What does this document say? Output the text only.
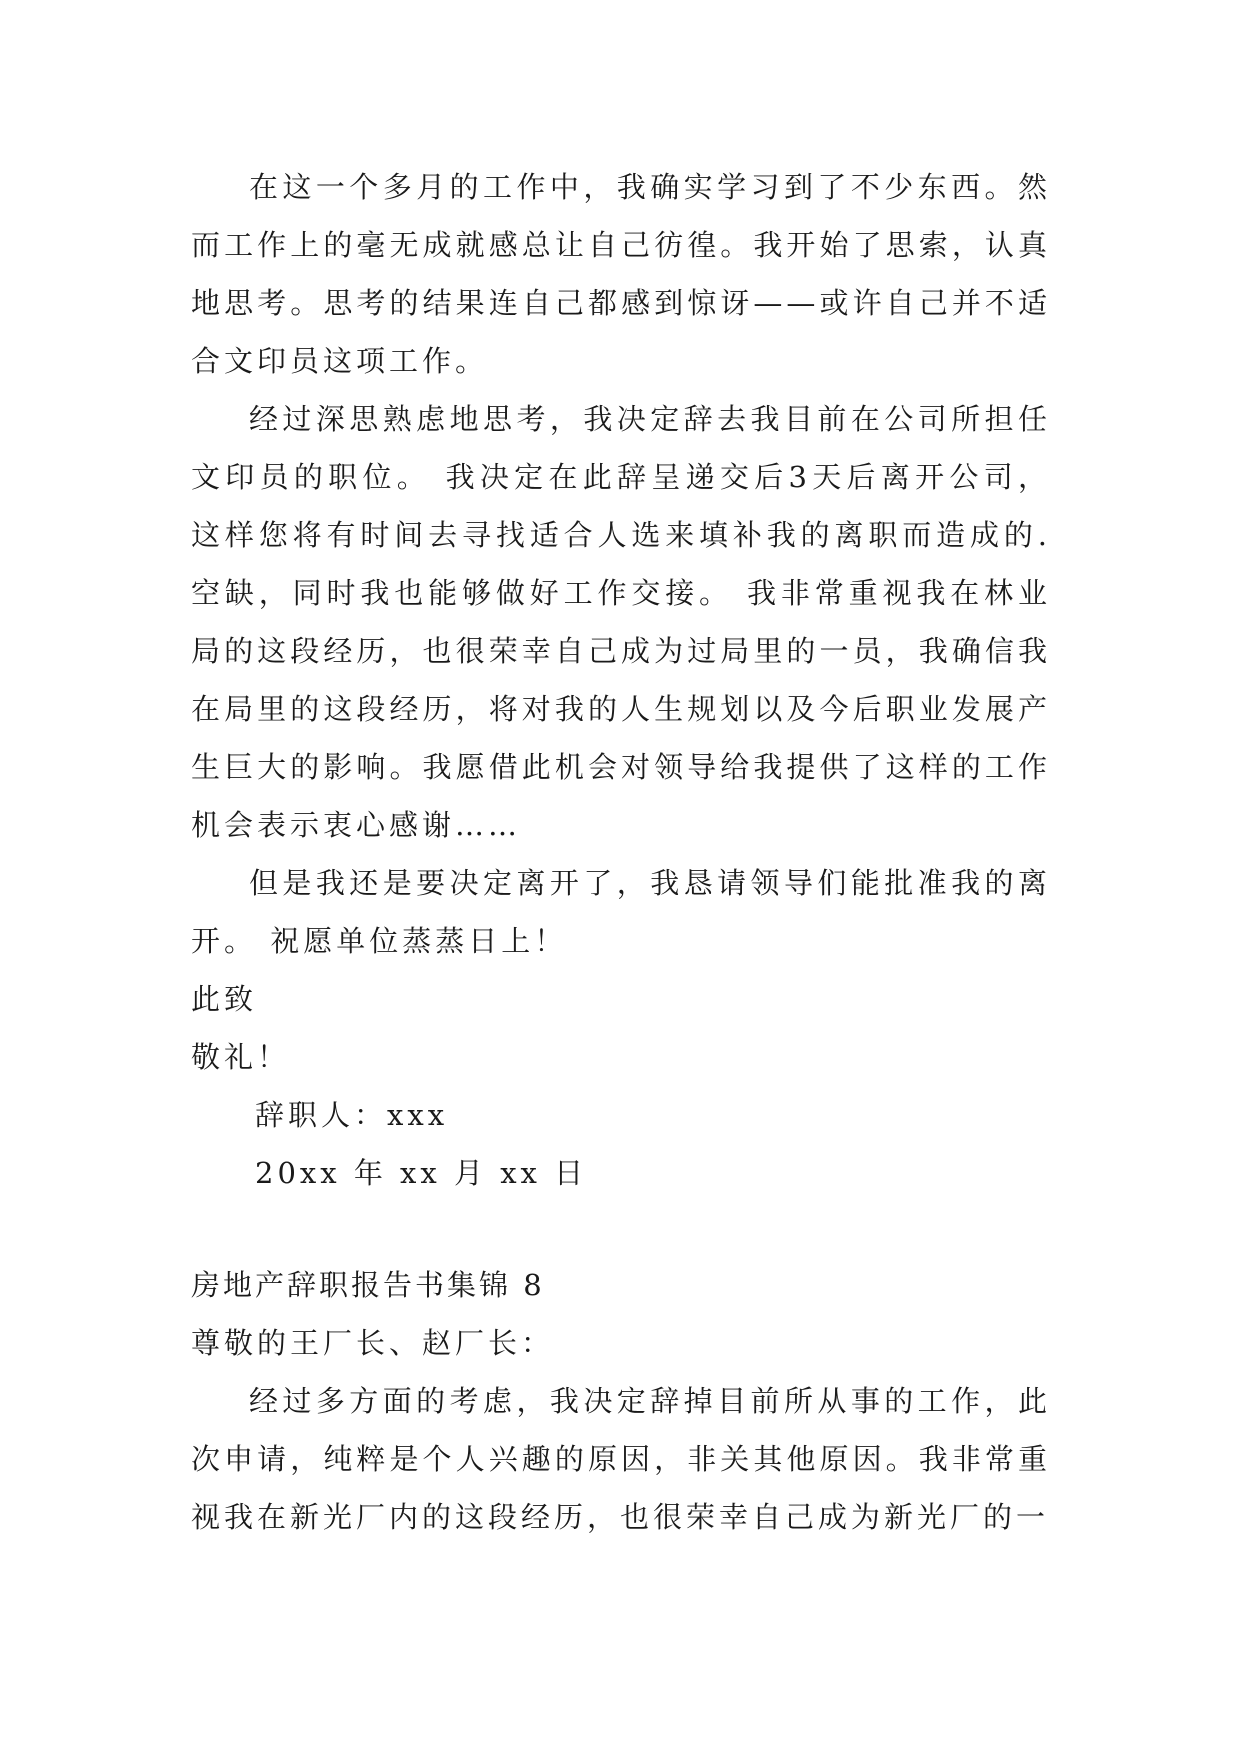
在这一个多月的工作中，我确实学习到了不少东西。然而工作上的毫无成就感总让自己彷徨。我开始了思索，认真地思考。思考的结果连自己都感到惊讶——或许自己并不适合文印员这项工作。

经过深思熟虑地思考，我决定辞去我目前在公司所担任文印员的职位。 我决定在此辞呈递交后3天后离开公司，这样您将有时间去寻找适合人选来填补我的离职而造成的.空缺，同时我也能够做好工作交接。 我非常重视我在林业局的这段经历，也很荣幸自己成为过局里的一员，我确信我在局里的这段经历，将对我的人生规划以及今后职业发展产生巨大的影响。我愿借此机会对领导给我提供了这样的工作机会表示衷心感谢……

但是我还是要决定离开了，我恳请领导们能批准我的离开。 祝愿单位蒸蒸日上！

此致

敬礼！

辞职人：xxx

20xx 年 xx 月 xx 日

房地产辞职报告书集锦 8

尊敬的王厂长、赵厂长：

经过多方面的考虑，我决定辞掉目前所从事的工作，此次申请，纯粹是个人兴趣的原因，非关其他原因。我非常重视我在新光厂内的这段经历，也很荣幸自己成为新光厂的一
